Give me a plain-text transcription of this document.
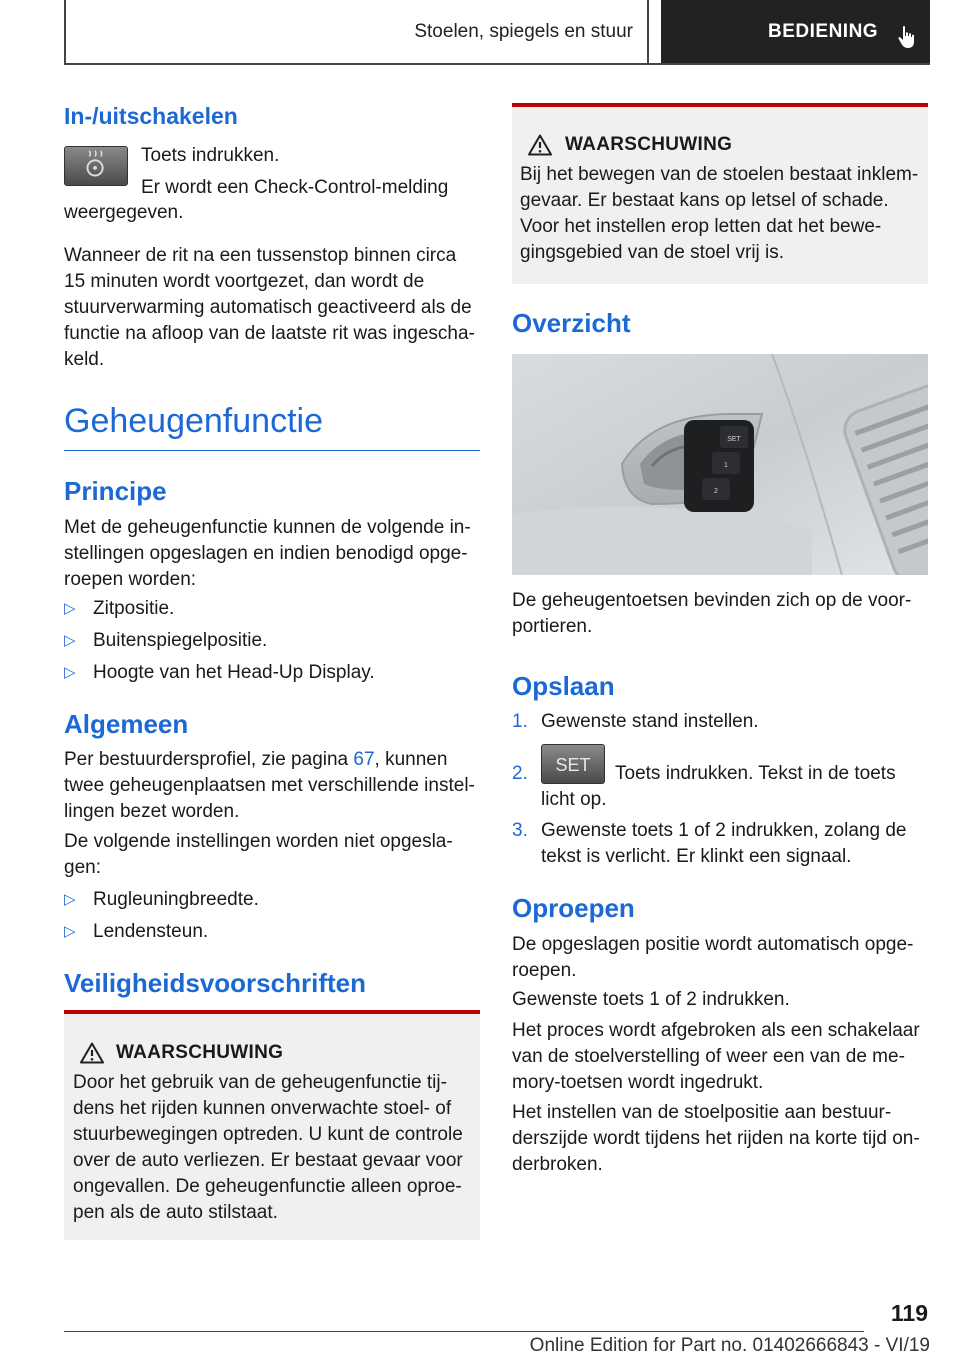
Stoelen, spiegels en stuur	BEDIENING
In-/uitschakelen
Toets indrukken.
Er wordt een Check-Control-melding
weergegeven.

Wanneer de rit na een tussenstop binnen circa 15 minuten wordt voortgezet, dan wordt de stuurverwarming automatisch geactiveerd als de functie na afloop van de laatste rit was ingeschakeld.

Geheugenfunctie
Principe

Met de geheugenfunctie kunnen de volgende instellingen opgeslagen en indien benodigd opgeroepen worden:

▷ Zitpositie.
▷ Buitenspiegelpositie.
▷ Hoogte van het Head-Up Display.
Algemeen

Per bestuurdersprofiel, zie pagina 67, kunnen twee geheugenplaatsen met verschillende instellingen bezet worden.

De volgende instellingen worden niet opgeslagen:

▷ Rugleuningbreedte.
▷ Lendensteun.
Veiligheidsvoorschriften
WAARSCHUWING

Door het gebruik van de geheugenfunctie tijdens het rijden kunnen onverwachte stoel- of stuurbewegingen optreden. U kunt de controle over de auto verliezen. Er bestaat gevaar voor ongevallen. De geheugenfunctie alleen oproepen als de auto stilstaat.

WAARSCHUWING

Bij het bewegen van de stoelen bestaat inklemgevaar. Er bestaat kans op letsel of schade. Voor het instellen erop letten dat het bewegingsgebied van de stoel vrij is.

Overzicht
SET
1
2

De geheugentoetsen bevinden zich op de voorportieren.

Opslaan
1. Gewenste stand instellen.
SET
2.	Toets indrukken. Tekst in de toets licht op.
3. Gewenste toets 1 of 2 indrukken, zolang de tekst is verlicht. Er klinkt een signaal.
Oproepen

De opgeslagen positie wordt automatisch opgeroepen.

Gewenste toets 1 of 2 indrukken.

Het proces wordt afgebroken als een schakelaar van de stoelverstelling of weer een van de memory-toetsen wordt ingedrukt.

Het instellen van de stoelpositie aan bestuurderszijde wordt tijdens het rijden na korte tijd onderbroken.

119
Online Edition for Part no. 01402666843 - VI/19
